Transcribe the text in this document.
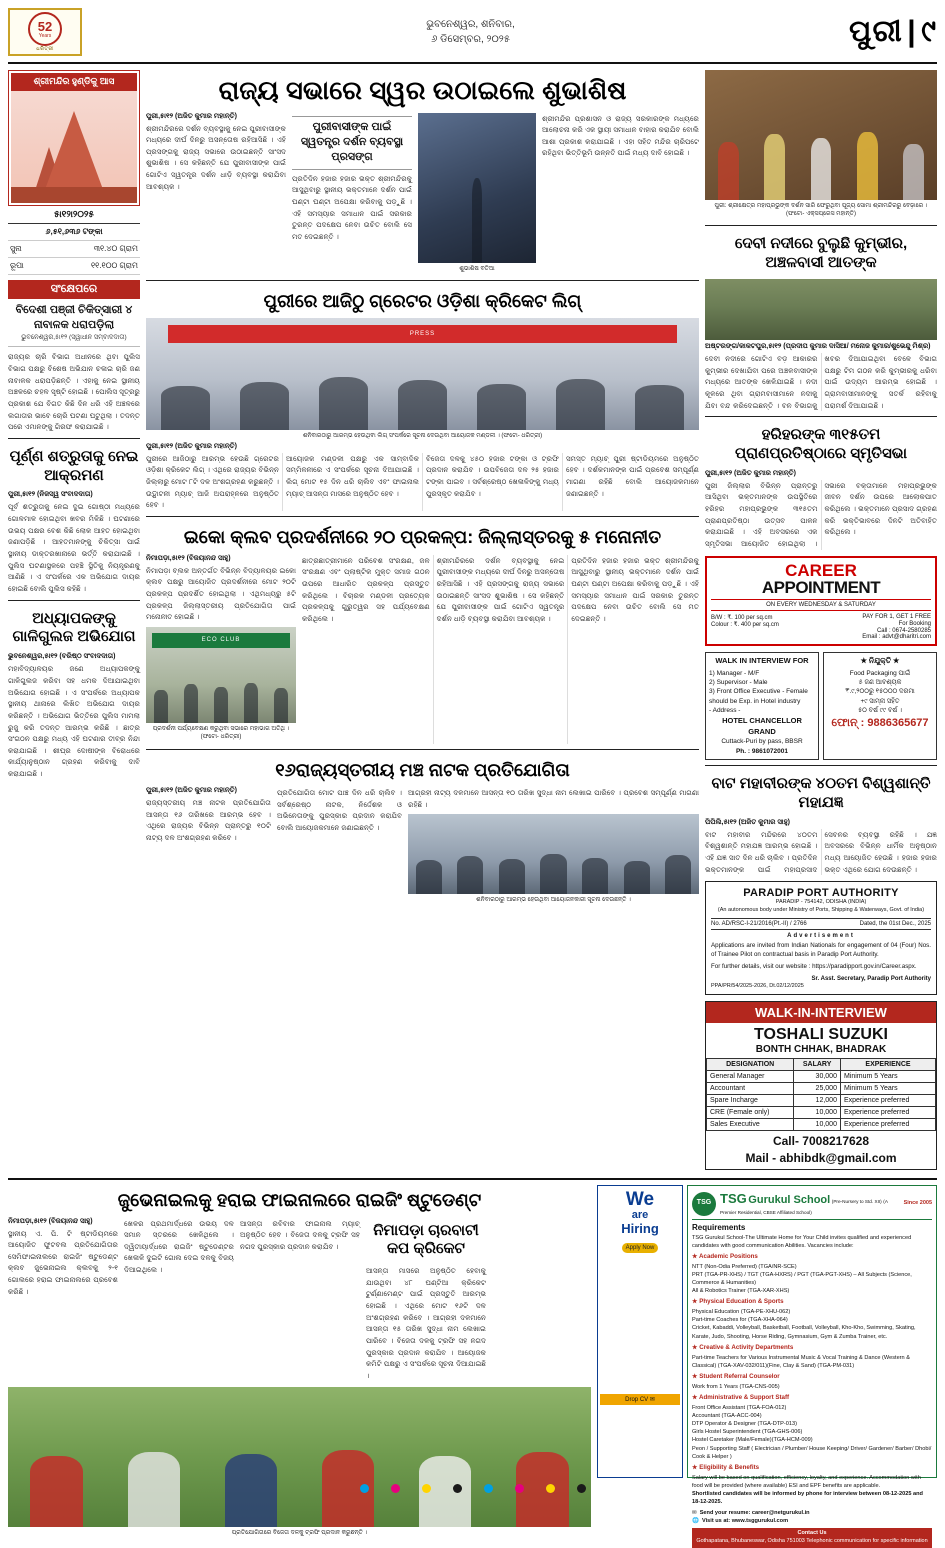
52
Years
ଧରିତ୍ରୀ
ଭୁବନେଶ୍ୱର, ଶନିବାର,
୬ ଡିସେମ୍ବର, ୨୦୨୫	ପୁରୀ | ୯
ଶ୍ରୀମନ୍ଦିର ହୁଣ୍ଡିକୁ ଆସ
୫ା୧୨ା୨୦୨୫
୬,୫୧,୬୩୬ ଟଙ୍କା	
ସୁନା	୩୧.୪୦ ଗ୍ରାମ
ରୂପା	୧୧.୧୦୦ ଗ୍ରାମ
ସଂକ୍ଷେପରେ
ବିଦେଶୀ ପଞ୍ଜୀ ଚିକିତ୍ସାରୀ ୪ ନାବାଳକ ଧରାପଡ଼ିଲା
ଭୁବନେଶ୍ୱର,୫ା୧୨ (ସ୍ୱାଧୀନ ସମ୍ବାଦଦାତା)
ରାଜ୍ୟର ଚାରି ବିଭାଗ ଅଧୀନରେ ଥିବା ପୁଲିସ ବିଭାଗ ପକ୍ଷରୁ ବିଶେଷ ଅଭିଯାନ ଚଳାଇ ଚାରି ଜଣ ନାବାଳକ ଧରାପଡ଼ିଛନ୍ତି । ଏହାକୁ ନେଇ ସ୍ଥାନୀୟ ଅଞ୍ଚଳରେ ଚହଳ ସୃଷ୍ଟି ହୋଇଛି । ପୋଲିସ ସୂତ୍ରରୁ ପ୍ରକାଶ ଯେ ବିଗତ କିଛି ଦିନ ଧରି ଏହି ଅଞ୍ଚଳରେ ଲଗାତାର ଭାବେ ଚୋରି ଘଟଣା ଘଟୁଥିଲା । ତଦନ୍ତ ପରେ ଏମାନଙ୍କୁ ଗିରଫ କରାଯାଇଛି ।
ପୂର୍ଣ୍ଣ ଶତ୍ରୁତାକୁ ନେଇ ଆକ୍ରମଣ
ପୁରୀ,୫ା୧୨ (ନିଜସ୍ୱ ସଂବାଦଦାତା)
ପୂର୍ବ ଶତ୍ରୁତାକୁ ନେଇ ଦୁଇ ଗୋଷ୍ଠୀ ମଧ୍ୟରେ ଗୋଳମାଳ ହୋଇଥିବା ଖବର ମିଳିଛି । ଘଟଣାରେ ଉଭୟ ପକ୍ଷର ବେଶ କିଛି ଲୋକ ଆହତ ହୋଇଥିବା ଜଣାପଡ଼ିଛି । ଆହତମାନଙ୍କୁ ଚିକିତ୍ସା ପାଇଁ ସ୍ଥାନୀୟ ଡାକ୍ତରଖାନାରେ ଭର୍ତ୍ତି କରାଯାଇଛି । ପୁଲିସ ଘଟଣାସ୍ଥଳରେ ପହଞ୍ଚି ସ୍ଥିତିକୁ ନିୟନ୍ତ୍ରଣକୁ ଆଣିଛି । ଏ ସଂପର୍କରେ ଏକ ଅଭିଯୋଗ ଦାୟର ହୋଇଛି ବୋଲି ପୁଲିସ କହିଛି ।
ଅଧ୍ୟାପକଙ୍କୁ ଗାଳିଗୁଲଜ ଅଭିଯୋଗ
ଭୁବନେଶ୍ୱର,୫ା୧୨ (ବରିଷ୍ଠ ସଂବାଦଦାତା)
ମହାବିଦ୍ୟାଳୟର ଜଣେ ଅଧ୍ୟାପକଙ୍କୁ ଗାଳିଗୁଲଜ କରିବା ସହ ଧମକ ଦିଆଯାଇଥିବା ଅଭିଯୋଗ ହୋଇଛି । ଏ ସଂପର୍କରେ ଅଧ୍ୟାପକ ସ୍ଥାନୀୟ ଥାନାରେ ଲିଖିତ ଅଭିଯୋଗ ଦାୟର କରିଛନ୍ତି । ଅଭିଯୋଗ ଭିତ୍ତିରେ ପୁଲିସ ମାମଲା ରୁଜୁ କରି ତଦନ୍ତ ଆରମ୍ଭ କରିଛି । ଛାତ୍ର ସଂଗଠନ ପକ୍ଷରୁ ମଧ୍ୟ ଏହି ଘଟଣାର ତୀବ୍ର ନିନ୍ଦା କରାଯାଇଛି । ଶୀଘ୍ର ଦୋଷୀଙ୍କ ବିରୋଧରେ କାର୍ଯ୍ୟାନୁଷ୍ଠାନ ଗ୍ରହଣ କରିବାକୁ ଦାବି କରାଯାଇଛି ।
ରାଜ୍ୟ ସଭାରେ ସ୍ୱର ଉଠାଇଲେ ଶୁଭାଶିଷ
ପୁରୀ,୫ା୧୨ (ଅଜିତ କୁମାର ମହାନ୍ତି)
ଶ୍ରୀମନ୍ଦିରରେ ଦର୍ଶନ ବ୍ୟବସ୍ଥାକୁ ନେଇ ପୁରୀବାସୀଙ୍କ ମଧ୍ୟରେ ଦୀର୍ଘ ଦିନରୁ ଅସନ୍ତୋଷ ରହିଆସିଛି । ଏହି ପ୍ରସଙ୍ଗକୁ ରାଜ୍ୟ ସଭାରେ ଉଠାଇଛନ୍ତି ସାଂସଦ ଶୁଭାଶିଷ । ସେ କହିଛନ୍ତି ଯେ ପୁରୀବାସୀଙ୍କ ପାଇଁ ଗୋଟିଏ ସ୍ୱତନ୍ତ୍ର ଦର୍ଶନ ଧାଡ଼ି ବ୍ୟବସ୍ଥା କରାଯିବା ଆବଶ୍ୟକ ।
ପୁରୀବାସୀଙ୍କ ପାଇଁ ସ୍ୱତନ୍ତ୍ର ଦର୍ଶନ ବ୍ୟବସ୍ଥା ପ୍ରସଙ୍ଗ
ପ୍ରତିଦିନ ହଜାର ହଜାର ଭକ୍ତ ଶ୍ରୀମନ୍ଦିରକୁ ଆସୁଥିବାରୁ ସ୍ଥାନୀୟ ଭକ୍ତମାନେ ଦର୍ଶନ ପାଇଁ ଘଣ୍ଟା ଘଣ୍ଟା ଅପେକ୍ଷା କରିବାକୁ ପଡ଼ୁଛି । ଏହି ସମସ୍ୟାର ସମାଧାନ ପାଇଁ ସରକାର ତୁରନ୍ତ ପଦକ୍ଷେପ ନେବା ଉଚିତ ବୋଲି ସେ ମତ ଦେଇଛନ୍ତି ।
ଶୁଭାଶିଷ ବତିଆ
ଶ୍ରୀମନ୍ଦିର ପ୍ରଶାସନ ଓ ରାଜ୍ୟ ସରକାରଙ୍କ ମଧ୍ୟରେ ଆଲୋଚନା କରି ଏକ ସ୍ଥାୟୀ ସମାଧାନ ବାହାର କରାଯିବ ବୋଲି ଆଶା ପ୍ରକାଶ କରାଯାଇଛି । ଏହା ସହିତ ମନ୍ଦିର ଚାରିପଟେ ରହିଥିବା ଭିତ୍ତିଭୂମି ଉନ୍ନତି ପାଇଁ ମଧ୍ୟ ଦାବି ହୋଇଛି ।
ପୁରୀରେ ଆଜିଠୁ ଗ୍ରେଟର ଓଡ଼ିଶା କ୍ରିକେଟ ଲିଗ୍
PRESS
ଶନିବାରଠାରୁ ଆରମ୍ଭ ହେଉଥିବା ଲିଗ୍ ସଂପର୍କରେ ସୂଚନା ଦେଉଥିବା ଆୟୋଜକ ମଣ୍ଡଳୀ । (ଫଟୋ- ଧରିତ୍ରୀ)
ପୁରୀ,୫ା୧୨ (ଅଜିତ କୁମାର ମହାନ୍ତି)
ପୁରୀରେ ଆଜିଠାରୁ ଆରମ୍ଭ ହେଉଛି ଗ୍ରେଟର ଓଡ଼ିଶା କ୍ରିକେଟ ଲିଗ୍ । ଏଥିରେ ରାଜ୍ୟର ବିଭିନ୍ନ ଜିଲ୍ଲାରୁ ମୋଟ ୮ଟି ଦଳ ଅଂଶଗ୍ରହଣ କରୁଛନ୍ତି । ଉଦ୍ଘାଟନୀ ମ୍ୟାଚ୍ ଆଜି ଅପରାହ୍ନରେ ଅନୁଷ୍ଠିତ ହେବ ।
ଆୟୋଜକ ମଣ୍ଡଳୀ ପକ୍ଷରୁ ଏକ ସାମ୍ବାଦିକ ସମ୍ମିଳନୀରେ ଏ ସଂପର୍କରେ ସୂଚନା ଦିଆଯାଇଛି । ଲିଗ୍ ମୋଟ ୧୫ ଦିନ ଧରି ଚାଲିବ ଏବଂ ଫାଇନାଲ ମ୍ୟାଚ୍ ଆସନ୍ତା ମାସରେ ଅନୁଷ୍ଠିତ ହେବ ।
ବିଜେତା ଦଳକୁ ୪୫୦ ହଜାର ଟଙ୍କା ଓ ଟ୍ରଫି ପ୍ରଦାନ କରାଯିବ । ଉପବିଜେତା ଦଳ ୨୫ ହଜାର ଟଙ୍କା ପାଇବ । ସର୍ବଶ୍ରେଷ୍ଠ ଖେଳାଳିଙ୍କୁ ମଧ୍ୟ ପୁରସ୍କୃତ କରାଯିବ ।
ସମସ୍ତ ମ୍ୟାଚ୍ ପୁରୀ ଷ୍ଟାଡିୟମରେ ଅନୁଷ୍ଠିତ ହେବ । ଦର୍ଶକମାନଙ୍କ ପାଇଁ ପ୍ରବେଶ ସମ୍ପୂର୍ଣ୍ଣ ମାଗଣା ରହିଛି ବୋଲି ଆୟୋଜକମାନେ ଜଣାଇଛନ୍ତି ।
ଇକୋ କ୍ଲବ ପ୍ରଦର୍ଶନୀରେ ୨୦ ପ୍ରକଳ୍ପ: ଜିଲ୍ଲାସ୍ତରକୁ ୫ ମନୋନୀତ
ନିମାପଡ଼ା,୫ା୧୨ (ବିଜୟାନନ୍ଦ ସାହୁ)
ନିମାପଡ଼ା ବ୍ଲକ ଅନ୍ତର୍ଗତ ବିଭିନ୍ନ ବିଦ୍ୟାଳୟର ଇକୋ କ୍ଲବ ପକ୍ଷରୁ ଆୟୋଜିତ ପ୍ରଦର୍ଶନୀରେ ମୋଟ ୨୦ଟି ପ୍ରକଳ୍ପ ପ୍ରଦର୍ଶିତ ହୋଇଥିଲା । ଏଥିମଧ୍ୟରୁ ୫ଟି ପ୍ରକଳ୍ପ ଜିଲ୍ଲାସ୍ତରୀୟ ପ୍ରତିଯୋଗିତା ପାଇଁ ମନୋନୀତ ହୋଇଛି ।
ECO CLUB
ପ୍ରଦର୍ଶନୀ ପର୍ଯ୍ୟବେକ୍ଷଣ କରୁଥିବା ସଭାରେ ମହାଭାଗ ଅତିଥି । (ଫଟୋ- ଧରିତ୍ରୀ)
ଛାତ୍ରଛାତ୍ରୀମାନେ ପରିବେଶ ସଂରକ୍ଷଣ, ଜଳ ସଂରକ୍ଷଣ ଏବଂ ପ୍ଲାଷ୍ଟିକ ମୁକ୍ତ ସମାଜ ଗଠନ ଉପରେ ଆଧାରିତ ପ୍ରକଳ୍ପ ପ୍ରସ୍ତୁତ କରିଥିଲେ । ବିଚାରକ ମଣ୍ଡଳୀ ପ୍ରତ୍ୟେକ ପ୍ରକଳ୍ପକୁ ଗୁରୁତ୍ୱର ସହ ପର୍ଯ୍ୟବେକ୍ଷଣ କରିଥିଲେ ।
ଶ୍ରୀମନ୍ଦିରରେ ଦର୍ଶନ ବ୍ୟବସ୍ଥାକୁ ନେଇ ପୁରୀବାସୀଙ୍କ ମଧ୍ୟରେ ଦୀର୍ଘ ଦିନରୁ ଅସନ୍ତୋଷ ରହିଆସିଛି । ଏହି ପ୍ରସଙ୍ଗକୁ ରାଜ୍ୟ ସଭାରେ ଉଠାଇଛନ୍ତି ସାଂସଦ ଶୁଭାଶିଷ । ସେ କହିଛନ୍ତି ଯେ ପୁରୀବାସୀଙ୍କ ପାଇଁ ଗୋଟିଏ ସ୍ୱତନ୍ତ୍ର ଦର୍ଶନ ଧାଡ଼ି ବ୍ୟବସ୍ଥା କରାଯିବା ଆବଶ୍ୟକ ।
ପ୍ରତିଦିନ ହଜାର ହଜାର ଭକ୍ତ ଶ୍ରୀମନ୍ଦିରକୁ ଆସୁଥିବାରୁ ସ୍ଥାନୀୟ ଭକ୍ତମାନେ ଦର୍ଶନ ପାଇଁ ଘଣ୍ଟା ଘଣ୍ଟା ଅପେକ୍ଷା କରିବାକୁ ପଡ଼ୁଛି । ଏହି ସମସ୍ୟାର ସମାଧାନ ପାଇଁ ସରକାର ତୁରନ୍ତ ପଦକ୍ଷେପ ନେବା ଉଚିତ ବୋଲି ସେ ମତ ଦେଇଛନ୍ତି ।
୧୬ରାଜ୍ୟସ୍ତରୀୟ ମଞ୍ଚ ନାଟକ ପ୍ରତିଯୋଗିତା
ପୁରୀ,୫ା୧୨ (ଅଜିତ କୁମାର ମହାନ୍ତି)
ରାଜ୍ୟସ୍ତରୀୟ ମଞ୍ଚ ନାଟକ ପ୍ରତିଯୋଗିତା ଆସନ୍ତା ୧୬ ତାରିଖରେ ଆରମ୍ଭ ହେବ । ଏଥିରେ ରାଜ୍ୟର ବିଭିନ୍ନ ପ୍ରାନ୍ତରୁ ୧୦ଟି ନାଟ୍ୟ ଦଳ ଅଂଶଗ୍ରହଣ କରିବେ ।
ପ୍ରତିଯୋଗିତା ମୋଟ ପାଞ୍ଚ ଦିନ ଧରି ଚାଲିବ । ସର୍ବଶ୍ରେଷ୍ଠ ନାଟକ, ନିର୍ଦ୍ଦେଶକ ଓ ଅଭିନେତାଙ୍କୁ ପୁରସ୍କାର ପ୍ରଦାନ କରାଯିବ ବୋଲି ଆୟୋଜକମାନେ ଜଣାଇଛନ୍ତି ।
ଆଗ୍ରହୀ ନାଟ୍ୟ ଦଳମାନେ ଆସନ୍ତା ୧୦ ତାରିଖ ସୁଦ୍ଧା ନାମ ଲେଖାଇ ପାରିବେ । ପ୍ରବେଶ ସମ୍ପୂର୍ଣ୍ଣ ମାଗଣା ରହିଛି ।
ଶନିବାରଠାରୁ ଆରମ୍ଭ ହେଉଥିବା ଆୟୋଜନକାରୀ ସୂଚନା ଦେଉଛନ୍ତି ।
ପୁରୀ: ଶ୍ରୀକ୍ଷେତ୍ର ମହାପ୍ରଭୁଙ୍କ ଦର୍ଶନ ସାରି ଫେରୁଥିବା ପୂଜ୍ୟ ସୋମା ଶ୍ରୀମନ୍ଦିରରୁ ବେଢ଼ାରେ । (ଫଟୋ- ଏକ୍ସପ୍ରେସ ମହାନ୍ତି)
ଦେବୀ ନଦୀରେ ବୁଲୁଛି କୁମ୍ଭୀର, ଅଞ୍ଚଳବାସୀ ଆତଙ୍କ
ଅଷ୍ଟରଙ୍ଗ/କାକଟପୁର,୫ା୧୨ (ପ୍ରଦୀପ କୁମାର ଦାସିଆ/ ମନୋଜ କୁମାର/ଶୁଭେନ୍ଦୁ ମିଶ୍ର)
ଦେବୀ ନଦୀରେ ଗୋଟିଏ ବଡ଼ ଆକାରର କୁମ୍ଭୀର ଦେଖାଯିବା ପରେ ଅଞ୍ଚଳବାସୀଙ୍କ ମଧ୍ୟରେ ଆତଙ୍କ ଖେଳିଯାଇଛି । ନଦୀ କୂଳରେ ଥିବା ଗ୍ରାମବାସୀମାନେ ନଦୀକୁ ଯିବା ବନ୍ଦ କରିଦେଇଛନ୍ତି । ବନ ବିଭାଗକୁ ଖବର ଦିଆଯାଇଥିବା ବେଳେ ବିଭାଗ ପକ୍ଷରୁ ଟିମ ଗଠନ କରି କୁମ୍ଭୀରକୁ ଧରିବା ପାଇଁ ଉଦ୍ୟମ ଆରମ୍ଭ ହୋଇଛି । ଗ୍ରାମବାସୀମାନଙ୍କୁ ସତର୍କ ରହିବାକୁ ପରାମର୍ଶ ଦିଆଯାଇଛି ।
ହରିହରଙ୍କ ୩୧୫ତମ ପ୍ରାଣପ୍ରତିଷ୍ଠାରେ ସ୍ମୃତିସଭା
ପୁରୀ,୫ା୧୨ (ଅଜିତ କୁମାର ମହାନ୍ତି)
ପୁରୀ ଜିଲ୍ଲାର ବିଭିନ୍ନ ପ୍ରାନ୍ତରୁ ଆସିଥିବା ଭକ୍ତମାନଙ୍କ ଉପସ୍ଥିତିରେ ହରିହର ମହାପ୍ରଭୁଙ୍କ ୩୧୫ତମ ପ୍ରାଣପ୍ରତିଷ୍ଠା ଉତ୍ସବ ପାଳନ କରାଯାଇଛି । ଏହି ଅବସରରେ ଏକ ସ୍ମୃତିସଭା ଆୟୋଜିତ ହୋଇଥିଲା । ସଭାରେ ବକ୍ତାମାନେ ମହାପ୍ରଭୁଙ୍କ ଜୀବନ ଦର୍ଶନ ଉପରେ ଆଲୋକପାତ କରିଥିଲେ । ଭକ୍ତମାନେ ପ୍ରସାଦ ଗ୍ରହଣ କରି ଭକ୍ତିଭାବରେ ଦିନଟି ଅତିବାହିତ କରିଥିଲେ ।
CAREER
APPOINTMENT
ON EVERY WEDNESDAY & SATURDAY
B/W : ₹. 100 per sq.cm	PAY FOR 1, GET 1 FREE
Colour : ₹. 400 per sq.cm	For Booking
Call : 0674-2580285
Email : advt@dharitri.com
WALK IN INTERVIEW FOR
1) Manager - M/F
2) Supervisor - Male
3) Front Office Executive - Female
should be Exp. in Hotel industry
- Address -
HOTEL CHANCELLOR GRAND
Cuttack-Puri by pass, BBSR
Ph. : 9861072001
★ ନିଯୁକ୍ତି ★
Food Packaging ପାଇଁ
୫ ଜଣ ଆବଶ୍ୟକ
₹.୯,୨୦୦ରୁ ୧୫୦୦୦ ଦରମା
+୯ ସାମ୍ନା ସହିତ
୫୦ ବର୍ଷ ୯୯ ବର୍ଷ ।
ଫୋନ୍ : 9886365677
ବାଟ ମହାବୀରଙ୍କ ୪୦ତମ ବିଶ୍ୱଶାନ୍ତି ମହାଯଜ୍ଞ
ପିପିଲି,୫ା୧୨ (ଅଜିତ କୁମାର ସାହୁ)
ବାଟ ମହାବୀର ମନ୍ଦିରରେ ୪୦ତମ ବିଶ୍ୱଶାନ୍ତି ମହାଯଜ୍ଞ ଆରମ୍ଭ ହୋଇଛି । ଏହି ଯଜ୍ଞ ସାତ ଦିନ ଧରି ଚାଲିବ । ପ୍ରତିଦିନ ଭକ୍ତମାନଙ୍କ ପାଇଁ ମହାପ୍ରସାଦ ସେବନର ବ୍ୟବସ୍ଥା ରହିଛି । ଯଜ୍ଞ ଅବସରରେ ବିଭିନ୍ନ ଧାର୍ମିକ ଅନୁଷ୍ଠାନ ମଧ୍ୟ ଆୟୋଜିତ ହେଉଛି । ହଜାର ହଜାର ଭକ୍ତ ଏଥିରେ ଯୋଗ ଦେଉଛନ୍ତି ।
PARADIP PORT AUTHORITY
PARADIP - 754142, ODISHA (INDIA)
(An autonomous body under Ministry of Ports, Shipping & Waterways, Govt. of India)
No. AD/RSC-I-21/2016(Pt.-II) / 2766	Dated, the 01st Dec., 2025
Advertisement

Applications are invited from Indian Nationals for engagement of 04 (Four) Nos. of Trainee Pilot on contractual basis in Paradip Port Authority.

For further details, visit our website : https://paradipport.gov.in/Career.aspx.

Sr. Asst. Secretary, Paradip Port Authority
PPA/PR/54/2025-2026, Dt.02/12/2025
WALK-IN-INTERVIEW
TOSHALI SUZUKI
BONTH CHHAK, BHADRAK
DESIGNATION	SALARY	EXPERIENCE
General Manager	30,000	Minimum 5 Years
Accountant	25,000	Minimum 5 Years
Spare Incharge	12,000	Experience preferred
CRE (Female only)	10,000	Experience preferred
Sales Executive	10,000	Experience preferred
Call- 7008217628
Mail - abhibdk@gmail.com
ଜୁଭେନାଇଲକୁ ହରାଇ ଫାଇନାଲରେ ରାଇଜିଂ ଷ୍ଟୁଡେଣ୍ଟ
ନିମାପଡ଼ା,୫ା୧୨ (ବିଜୟାନନ୍ଦ ସାହୁ)
ସ୍ଥାନୀୟ ଏ. ପି. ଟି ଷ୍ଟାଡିୟମରେ ଆୟୋଜିତ ଫୁଟବଲ ପ୍ରତିଯୋଗିତାର ସେମିଫାଇନାଲରେ ରାଇଜିଂ ଷ୍ଟୁଡେଣ୍ଟ କ୍ଲବ ଜୁଭେନାଇଲ କ୍ଲବକୁ ୨-୧ ଗୋଲରେ ହରାଇ ଫାଇନାଲରେ ପ୍ରବେଶ କରିଛି ।
ଖେଳର ପ୍ରଥମାର୍ଦ୍ଧରେ ଉଭୟ ଦଳ ସମାନ ସ୍ତରରେ ଖେଳିଥିଲେ । ଦ୍ୱିତୀୟାର୍ଦ୍ଧରେ ରାଇଜିଂ ଷ୍ଟୁଡେଣ୍ଟର ଖେଳାଳି ଦୁଇଟି ଗୋଲ ଦେଇ ଦଳକୁ ବିଜୟ ଦିଆଇଥିଲେ ।
ଆସନ୍ତା ରବିବାର ଫାଇନାଲ ମ୍ୟାଚ୍ ଅନୁଷ୍ଠିତ ହେବ । ବିଜେତା ଦଳକୁ ଟ୍ରଫି ସହ ନଗଦ ପୁରସ୍କାର ପ୍ରଦାନ କରାଯିବ ।
ନିମାପଡ଼ା ଚାରବାଟୀ କପ କ୍ରିକେଟ
ଆସନ୍ତା ମାସରେ ଅନୁଷ୍ଠିତ ହେବାକୁ ଯାଉଥିବା ୪୮ ଘଣ୍ଟିଆ କ୍ରିକେଟ ଟୁର୍ଣ୍ଣାମେଣ୍ଟ ପାଇଁ ପ୍ରସ୍ତୁତି ଆରମ୍ଭ ହୋଇଛି । ଏଥିରେ ମୋଟ ୧୬ଟି ଦଳ ଅଂଶଗ୍ରହଣ କରିବେ । ଆଗ୍ରହୀ ଦଳମାନେ ଆସନ୍ତା ୧୫ ତାରିଖ ସୁଦ୍ଧା ନାମ ଲେଖାଇ ପାରିବେ । ବିଜେତା ଦଳକୁ ଟ୍ରଫି ସହ ନଗଦ ପୁରସ୍କାର ପ୍ରଦାନ କରାଯିବ । ଆୟୋଜକ କମିଟି ପକ୍ଷରୁ ଏ ସଂପର୍କରେ ସୂଚନା ଦିଆଯାଇଛି ।
ପ୍ରତିଯୋଗିତାରେ ବିଜେତା ଦଳକୁ ଟ୍ରଫି ପ୍ରଦାନ କରୁଛନ୍ତି ।
We
are
Hiring
Apply Now
Drop CV ✉
TSG TSG Gurukul School (Pre-Nursery to Std. XII) (A Premier Residential, CBSE Affiliated School)
Since 2005
Requirements
TSG Gurukul School-The Ultimate Home for Your Child invites qualified and experienced candidates with good communication Abilities. Vacancies include:
★ Academic Positions
NTT (Non-Odia Preferred) (TGA/NR-SCE)
PRT (TGA-PR-XHS) / TGT (TGA-HXRS) / PGT (TGA-PGT-XHS) – All Subjects (Science, Commerce & Humanities)
All & Robotics Trainer (TGA-XAR-XHS)
★ Physical Education & Sports
Physical Education (TGA-PE-XHU-062)
Part-time Coaches for (TGA-XHA-064)
Cricket, Kabaddi, Volleyball, Basketball, Football, Volleyball, Kho-Kho, Swimming, Skating, Karate, Judo, Shooting, Horse Riding, Gymnasium, Gym & Zumba Trainer, etc.
★ Creative & Activity Departments
Part-time Teachers for Various Instrumental Music & Vocal Training & Dance (Western & Classical) (TGA-XAV-032/011)(Fine, Clay & Sand) (TGA-PM-031)
★ Student Referral Counselor
Work from 1 Years (TGA-CNS-005)
★ Administrative & Support Staff
Front Office Assistant (TGA-FOA-012)
Accountant (TGA-ACC-004)
DTP Operator & Designer (TGA-DTP-013)
Girls Hostel Superintendent (TGA-GHS-006)
Hostel Caretaker (Male/Female)(TGA-HCM-009)
Peon / Supporting Staff ( Electrician / Plumber/ House Keeping/ Driver/ Gardener/ Barber/ Dhobi/ Cook & Helper )
★ Eligibility & Benefits
Salary will be based on qualification, efficiency, loyalty, and experience. Accommodation with food will be provided (where available) ESI and EPF benefits are applicable.
Shortlisted candidates will be informed by phone for interview between 08-12-2025 and 18-12-2025.
✉ Send your resume: career@netgurukul.in
🌐 Visit us at: www.tsggurukul.com
Contact Us
Gothapatana, Bhubaneswar, Odisha 751003 Telephonic communication for specific information
